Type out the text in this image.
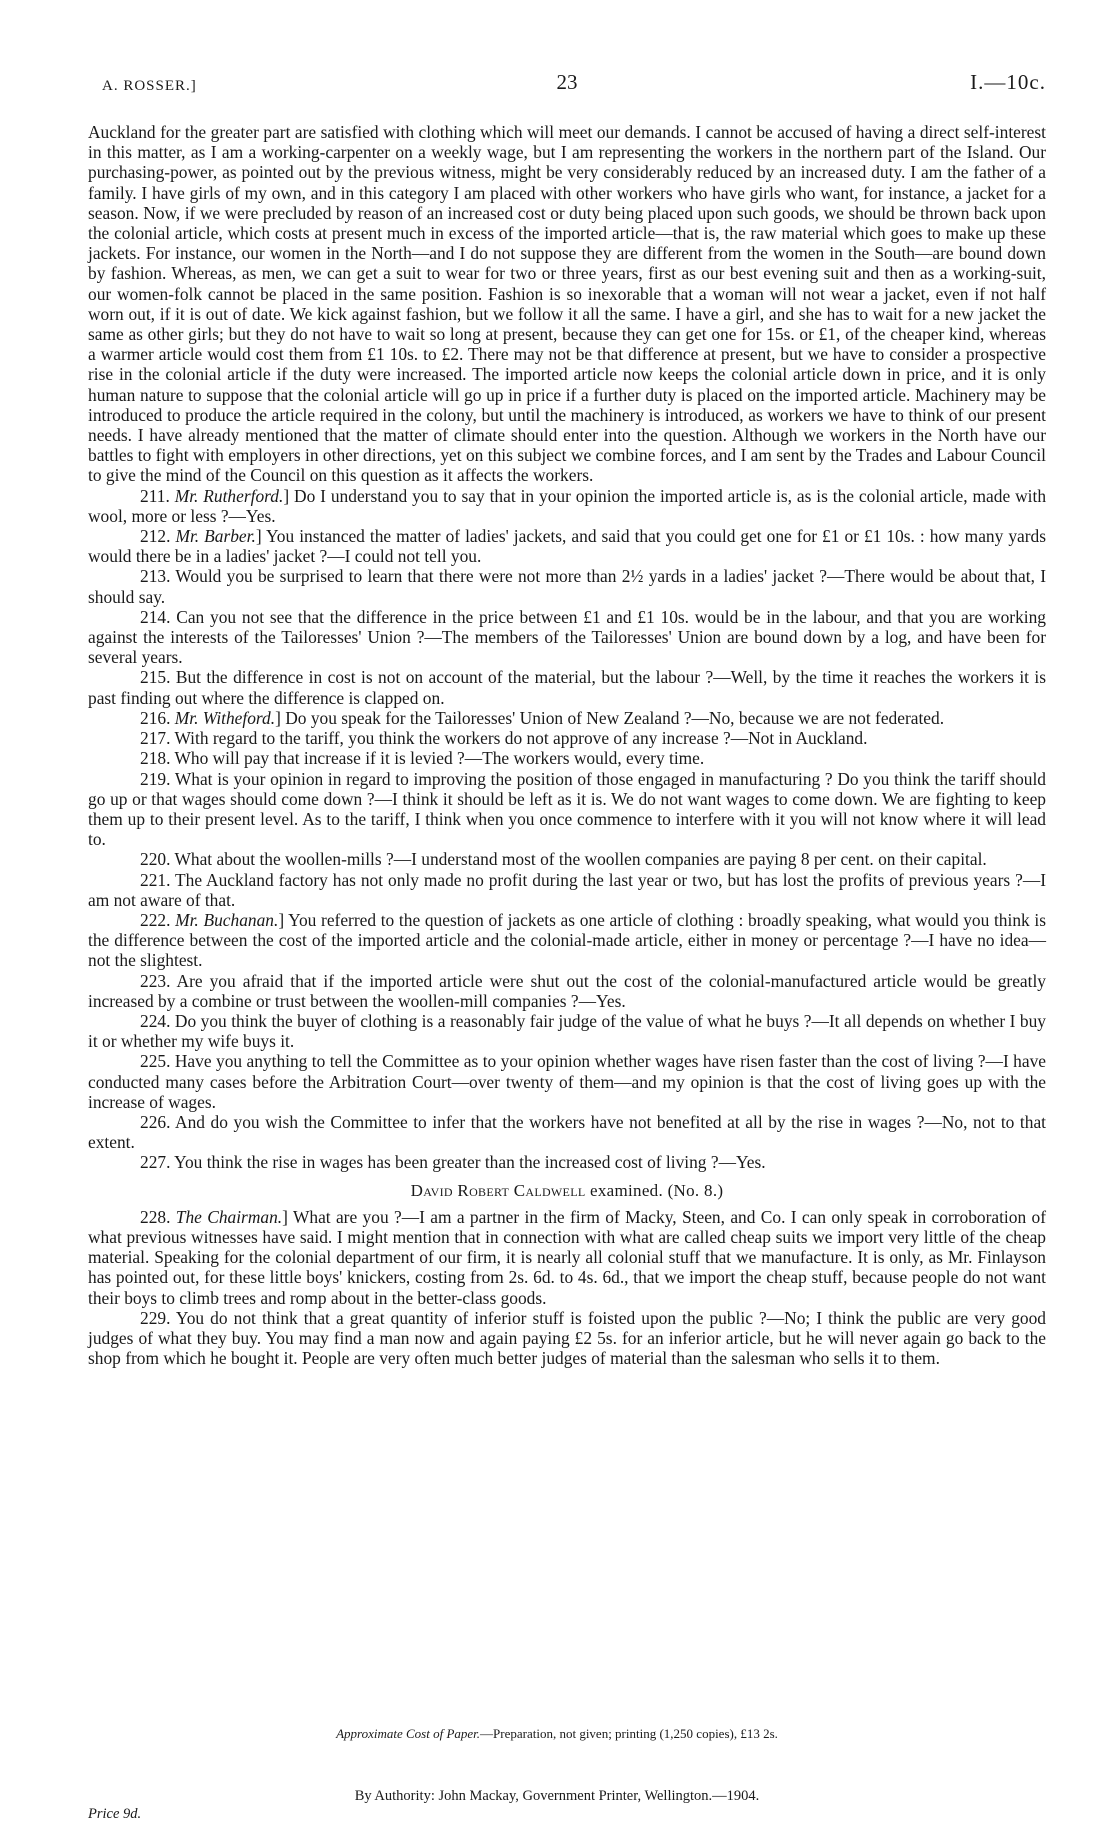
A. ROSSER.]	23	I.—10c.

Auckland for the greater part are satisfied with clothing which will meet our demands. I cannot be accused of having a direct self-interest in this matter, as I am a working-carpenter on a weekly wage, but I am representing the workers in the northern part of the Island. Our purchasing-power, as pointed out by the previous witness, might be very considerably reduced by an increased duty. I am the father of a family. I have girls of my own, and in this category I am placed with other workers who have girls who want, for instance, a jacket for a season. Now, if we were precluded by reason of an increased cost or duty being placed upon such goods, we should be thrown back upon the colonial article, which costs at present much in excess of the imported article—that is, the raw material which goes to make up these jackets. For instance, our women in the North—and I do not suppose they are different from the women in the South—are bound down by fashion. Whereas, as men, we can get a suit to wear for two or three years, first as our best evening suit and then as a working-suit, our women-folk cannot be placed in the same position. Fashion is so inexorable that a woman will not wear a jacket, even if not half worn out, if it is out of date. We kick against fashion, but we follow it all the same. I have a girl, and she has to wait for a new jacket the same as other girls; but they do not have to wait so long at present, because they can get one for 15s. or £1, of the cheaper kind, whereas a warmer article would cost them from £1 10s. to £2. There may not be that difference at present, but we have to consider a prospective rise in the colonial article if the duty were increased. The imported article now keeps the colonial article down in price, and it is only human nature to suppose that the colonial article will go up in price if a further duty is placed on the imported article. Machinery may be introduced to produce the article required in the colony, but until the machinery is introduced, as workers we have to think of our present needs. I have already mentioned that the matter of climate should enter into the question. Although we workers in the North have our battles to fight with employers in other directions, yet on this subject we combine forces, and I am sent by the Trades and Labour Council to give the mind of the Council on this question as it affects the workers.

211. Mr. Rutherford.] Do I understand you to say that in your opinion the imported article is, as is the colonial article, made with wool, more or less ?—Yes.

212. Mr. Barber.] You instanced the matter of ladies' jackets, and said that you could get one for £1 or £1 10s. : how many yards would there be in a ladies' jacket ?—I could not tell you.

213. Would you be surprised to learn that there were not more than 2½ yards in a ladies' jacket ?—There would be about that, I should say.

214. Can you not see that the difference in the price between £1 and £1 10s. would be in the labour, and that you are working against the interests of the Tailoresses' Union ?—The members of the Tailoresses' Union are bound down by a log, and have been for several years.

215. But the difference in cost is not on account of the material, but the labour ?—Well, by the time it reaches the workers it is past finding out where the difference is clapped on.

216. Mr. Witheford.] Do you speak for the Tailoresses' Union of New Zealand ?—No, because we are not federated.

217. With regard to the tariff, you think the workers do not approve of any increase ?—Not in Auckland.

218. Who will pay that increase if it is levied ?—The workers would, every time.

219. What is your opinion in regard to improving the position of those engaged in manufacturing ? Do you think the tariff should go up or that wages should come down ?—I think it should be left as it is. We do not want wages to come down. We are fighting to keep them up to their present level. As to the tariff, I think when you once commence to interfere with it you will not know where it will lead to.

220. What about the woollen-mills ?—I understand most of the woollen companies are paying 8 per cent. on their capital.

221. The Auckland factory has not only made no profit during the last year or two, but has lost the profits of previous years ?—I am not aware of that.

222. Mr. Buchanan.] You referred to the question of jackets as one article of clothing : broadly speaking, what would you think is the difference between the cost of the imported article and the colonial-made article, either in money or percentage ?—I have no idea—not the slightest.

223. Are you afraid that if the imported article were shut out the cost of the colonial-manufactured article would be greatly increased by a combine or trust between the woollen-mill companies ?—Yes.

224. Do you think the buyer of clothing is a reasonably fair judge of the value of what he buys ?—It all depends on whether I buy it or whether my wife buys it.

225. Have you anything to tell the Committee as to your opinion whether wages have risen faster than the cost of living ?—I have conducted many cases before the Arbitration Court—over twenty of them—and my opinion is that the cost of living goes up with the increase of wages.

226. And do you wish the Committee to infer that the workers have not benefited at all by the rise in wages ?—No, not to that extent.

227. You think the rise in wages has been greater than the increased cost of living ?—Yes.

David Robert Caldwell examined. (No. 8.)

228. The Chairman.] What are you ?—I am a partner in the firm of Macky, Steen, and Co. I can only speak in corroboration of what previous witnesses have said. I might mention that in connection with what are called cheap suits we import very little of the cheap material. Speaking for the colonial department of our firm, it is nearly all colonial stuff that we manufacture. It is only, as Mr. Finlayson has pointed out, for these little boys' knickers, costing from 2s. 6d. to 4s. 6d., that we import the cheap stuff, because people do not want their boys to climb trees and romp about in the better-class goods.

229. You do not think that a great quantity of inferior stuff is foisted upon the public ?—No; I think the public are very good judges of what they buy. You may find a man now and again paying £2 5s. for an inferior article, but he will never again go back to the shop from which he bought it. People are very often much better judges of material than the salesman who sells it to them.

Approximate Cost of Paper.—Preparation, not given; printing (1,250 copies), £13 2s.
By Authority: John Mackay, Government Printer, Wellington.—1904.
Price 9d.
